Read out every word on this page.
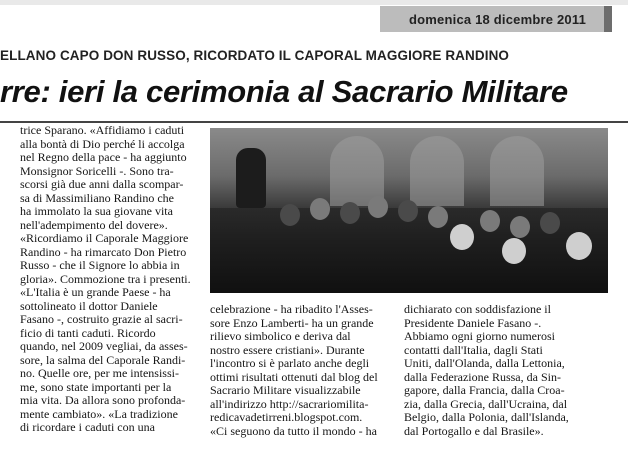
domenica 18 dicembre 2011
ELLANO CAPO DON RUSSO, RICORDATO IL CAPORAL MAGGIORE RANDINO
rre: ieri la cerimonia al Sacrario Militare
trice Sparano. «Affidiamo i caduti
alla bontà di Dio perché li accolga
nel Regno della pace - ha aggiunto
Monsignor Soricelli -. Sono tra-
scorsi già due anni dalla scompar-
sa di Massimiliano Randino che
ha immolato la sua giovane vita
nell'adempimento del dovere».
«Ricordiamo il Caporale Maggiore
Randino - ha rimarcato Don Pietro
Russo - che il Signore lo abbia in
gloria». Commozione tra i presenti.
«L'Italia è un grande Paese - ha
sottolineato il dottor Daniele
Fasano -, costruito grazie al sacri-
ficio di tanti caduti. Ricordo
quando, nel 2009 vegliai, da asses-
sore, la salma del Caporale Randi-
no. Quelle ore, per me intensissi-
me, sono state importanti per la
mia vita. Da allora sono profonda-
mente cambiato». «La tradizione
di ricordare i caduti con una
celebrazione - ha ribadito l'Asses-
sore Enzo Lamberti- ha un grande
rilievo simbolico e deriva dal
nostro essere cristiani». Durante
l'incontro si è parlato anche degli
ottimi risultati ottenuti dal blog del
Sacrario Militare visualizzabile
all'indirizzo http://sacrariomilita-
redicavadetirreni.blogspot.com.
«Ci seguono da tutto il mondo - ha
dichiarato con soddisfazione il
Presidente Daniele Fasano -.
Abbiamo ogni giorno numerosi
contatti dall'Italia, dagli Stati
Uniti, dall'Olanda, dalla Lettonia,
dalla Federazione Russa, da Sin-
gapore, dalla Francia, dalla Croa-
zia, dalla Grecia, dall'Ucraina, dal
Belgio, dalla Polonia, dall'Islanda,
dal Portogallo e dal Brasile».
